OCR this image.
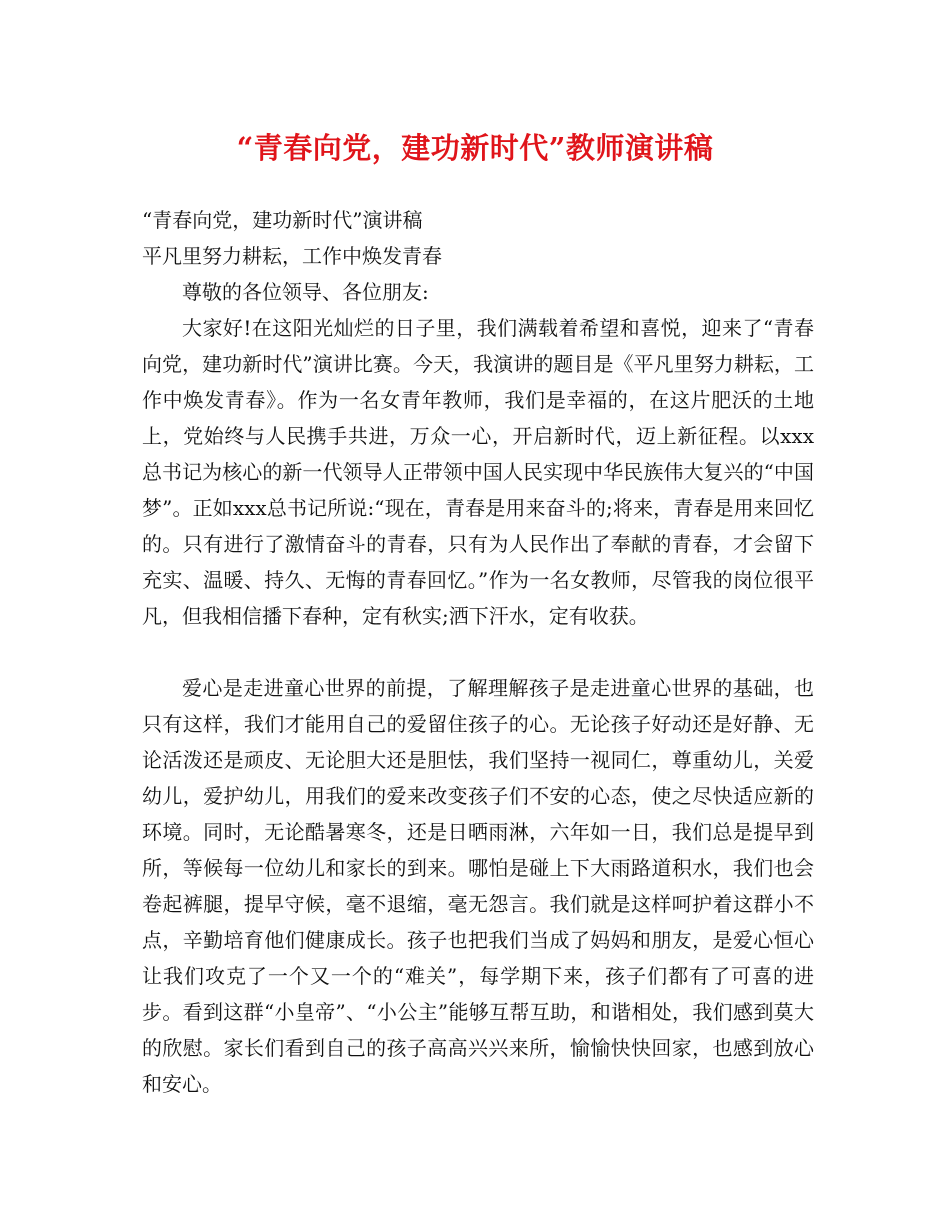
“青春向党，建功新时代”教师演讲稿
“青春向党，建功新时代”演讲稿
平凡里努力耕耘，工作中焕发青春
尊敬的各位领导、各位朋友:

大家好!在这阳光灿烂的日子里，我们满载着希望和喜悦，迎来了“青春向党，建功新时代”演讲比赛。今天，我演讲的题目是《平凡里努力耕耘，工作中焕发青春》。作为一名女青年教师，我们是幸福的，在这片肥沃的土地上，党始终与人民携手共进，万众一心，开启新时代，迈上新征程。以xxx总书记为核心的新一代领导人正带领中国人民实现中华民族伟大复兴的“中国梦”。正如xxx总书记所说:“现在，青春是用来奋斗的;将来，青春是用来回忆的。只有进行了激情奋斗的青春，只有为人民作出了奉献的青春，才会留下充实、温暖、持久、无悔的青春回忆。”作为一名女教师，尽管我的岗位很平凡，但我相信播下春种，定有秋实;洒下汗水，定有收获。

爱心是走进童心世界的前提，了解理解孩子是走进童心世界的基础，也只有这样，我们才能用自己的爱留住孩子的心。无论孩子好动还是好静、无论活泼还是顽皮、无论胆大还是胆怯，我们坚持一视同仁，尊重幼儿，关爱幼儿，爱护幼儿，用我们的爱来改变孩子们不安的心态，使之尽快适应新的环境。同时，无论酷暑寒冬，还是日晒雨淋，六年如一日，我们总是提早到所，等候每一位幼儿和家长的到来。哪怕是碰上下大雨路道积水，我们也会卷起裤腿，提早守候，毫不退缩，毫无怨言。我们就是这样呵护着这群小不点，辛勤培育他们健康成长。孩子也把我们当成了妈妈和朋友，是爱心恒心让我们攻克了一个又一个的“难关”，每学期下来，孩子们都有了可喜的进步。看到这群“小皇帝”、“小公主”能够互帮互助，和谐相处，我们感到莫大的欣慰。家长们看到自己的孩子高高兴兴来所，愉愉快快回家，也感到放心和安心。
